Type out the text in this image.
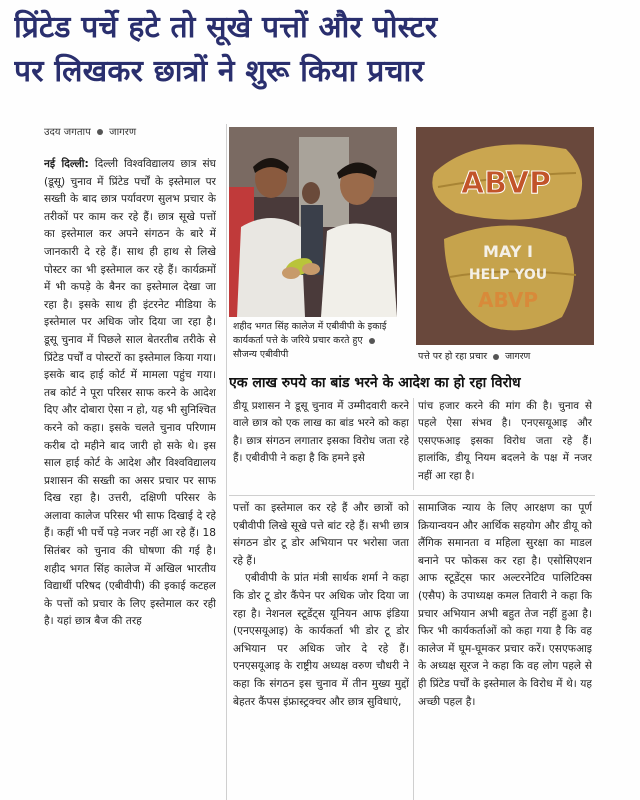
प्रिंटेड पर्चे हटे तो सूखे पत्तों और पोस्टर
पर लिखकर छात्रों ने शुरू किया प्रचार
उदय जगताप जागरण

नई दिल्ली: दिल्ली विश्वविद्यालय छात्र संघ (डूसू) चुनाव में प्रिंटेड पर्चों के इस्तेमाल पर सख्ती के बाद छात्र पर्यावरण सुलभ प्रचार के तरीकों पर काम कर रहे हैं। छात्र सूखे पत्तों का इस्तेमाल कर अपने संगठन के बारे में जानकारी दे रहे हैं। साथ ही हाथ से लिखे पोस्टर का भी इस्तेमाल कर रहे हैं। कार्यक्रमों में भी कपड़े के बैनर का इस्तेमाल देखा जा रहा है। इसके साथ ही इंटरनेट मीडिया के इस्तेमाल पर अधिक जोर दिया जा रहा है। डूसू चुनाव में पिछले साल बेतरतीब तरीके से प्रिंटेड पर्चों व पोस्टरों का इस्तेमाल किया गया। इसके बाद हाई कोर्ट में मामला पहुंच गया। तब कोर्ट ने पूरा परिसर साफ करने के आदेश दिए और दोबारा ऐसा न हो, यह भी सुनिश्चित करने को कहा। इसके चलते चुनाव परिणाम करीब दो महीने बाद जारी हो सके थे। इस साल हाई कोर्ट के आदेश और विश्वविद्यालय प्रशासन की सख्ती का असर प्रचार पर साफ दिख रहा है। उत्तरी, दक्षिणी परिसर के अलावा कालेज परिसर भी साफ दिखाई दे रहे हैं। कहीं भी पर्चे पड़े नजर नहीं आ रहे हैं। 18 सितंबर को चुनाव की घोषणा की गई है। शहीद भगत सिंह कालेज में अखिल भारतीय विद्यार्थी परिषद (एबीवीपी) की इकाई कटहल के पत्तों को प्रचार के लिए इस्तेमाल कर रही है। यहां छात्र बैज की तरह

शहीद भगत सिंह कालेज में एबीवीपी के इकाई कार्यकर्ता पत्ते के जरिये प्रचार करते हुए  सौजन्य एबीवीपी
ABVP
MAY I
HELP YOU
ABVP
पत्ते पर हो रहा प्रचार जागरण
एक लाख रुपये का बांड भरने के आदेश का हो रहा विरोध
डीयू प्रशासन ने डूसू चुनाव में उम्मीदवारी करने वाले छात्र को एक लाख का बांड भरने को कहा है। छात्र संगठन लगातार इसका विरोध जता रहे हैं। एबीवीपी ने कहा है कि हमने इसे
पांच हजार करने की मांग की है। चुनाव से पहले ऐसा संभव है। एनएसयूआइ और एसएफआइ इसका विरोध जता रहे हैं। हालांकि, डीयू नियम बदलने के पक्ष में नजर नहीं आ रहा है।

पत्तों का इस्तेमाल कर रहे हैं और छात्रों को एबीवीपी लिखे सूखे पत्ते बांट रहे हैं। सभी छात्र संगठन डोर टू डोर अभियान पर भरोसा जता रहे हैं।

एबीवीपी के प्रांत मंत्री सार्थक शर्मा ने कहा कि डोर टू डोर कैंपेन पर अधिक जोर दिया जा रहा है। नेशनल स्टूडेंट्स यूनियन आफ इंडिया (एनएसयूआइ) के कार्यकर्ता भी डोर टू डोर अभियान पर अधिक जोर दे रहे हैं। एनएसयूआइ के राष्ट्रीय अध्यक्ष वरुण चौधरी ने कहा कि संगठन इस चुनाव में तीन मुख्य मुद्दों बेहतर कैंपस इंफ्रास्ट्रक्चर और छात्र सुविधाएं,

सामाजिक न्याय के लिए आरक्षण का पूर्ण क्रियान्वयन और आर्थिक सहयोग और डीयू को लैंगिक समानता व महिला सुरक्षा का माडल बनाने पर फोकस कर रहा है। एसोसिएशन आफ स्टूडेंट्स फार अल्टरनेटिव पालिटिक्स (एसैप) के उपाध्यक्ष कमल तिवारी ने कहा कि प्रचार अभियान अभी बहुत तेज नहीं हुआ है। फिर भी कार्यकर्ताओं को कहा गया है कि वह कालेज में घूम-घूमकर प्रचार करें। एसएफआइ के अध्यक्ष सूरज ने कहा कि वह लोग पहले से ही प्रिंटेड पर्चों के इस्तेमाल के विरोध में थे। यह अच्छी पहल है।
